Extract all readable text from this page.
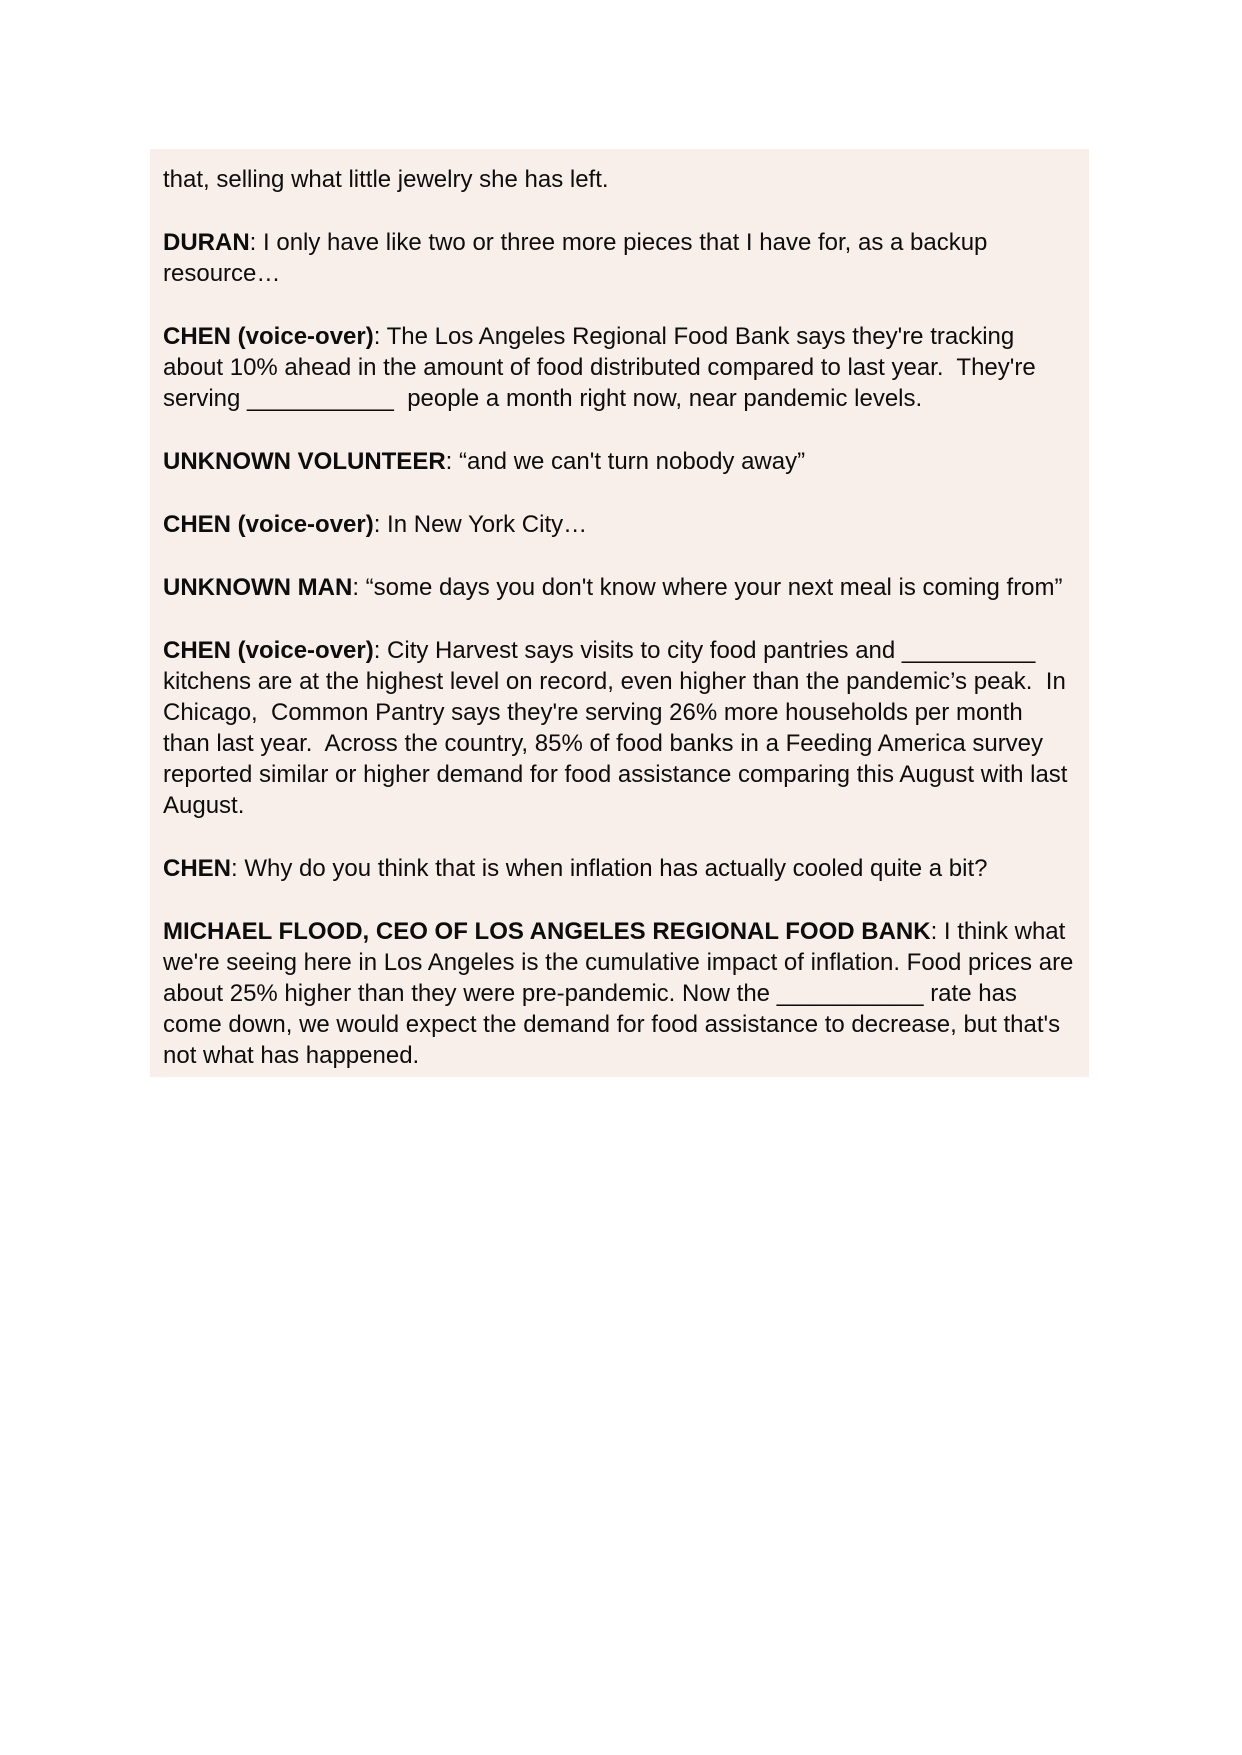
that, selling what little jewelry she has left.

DURAN: I only have like two or three more pieces that I have for, as a backup resource…

CHEN (voice-over): The Los Angeles Regional Food Bank says they're tracking about 10% ahead in the amount of food distributed compared to last year.  They're serving ___________  people a month right now, near pandemic levels.

UNKNOWN VOLUNTEER: “and we can't turn nobody away”

CHEN (voice-over): In New York City…

UNKNOWN MAN: “some days you don't know where your next meal is coming from”

CHEN (voice-over): City Harvest says visits to city food pantries and __________ kitchens are at the highest level on record, even higher than the pandemic’s peak.  In Chicago,  Common Pantry says they're serving 26% more households per month than last year.  Across the country, 85% of food banks in a Feeding America survey reported similar or higher demand for food assistance comparing this August with last August.

CHEN: Why do you think that is when inflation has actually cooled quite a bit?

MICHAEL FLOOD, CEO OF LOS ANGELES REGIONAL FOOD BANK: I think what we're seeing here in Los Angeles is the cumulative impact of inflation. Food prices are about 25% higher than they were pre-pandemic. Now the ___________ rate has come down, we would expect the demand for food assistance to decrease, but that's not what has happened.
